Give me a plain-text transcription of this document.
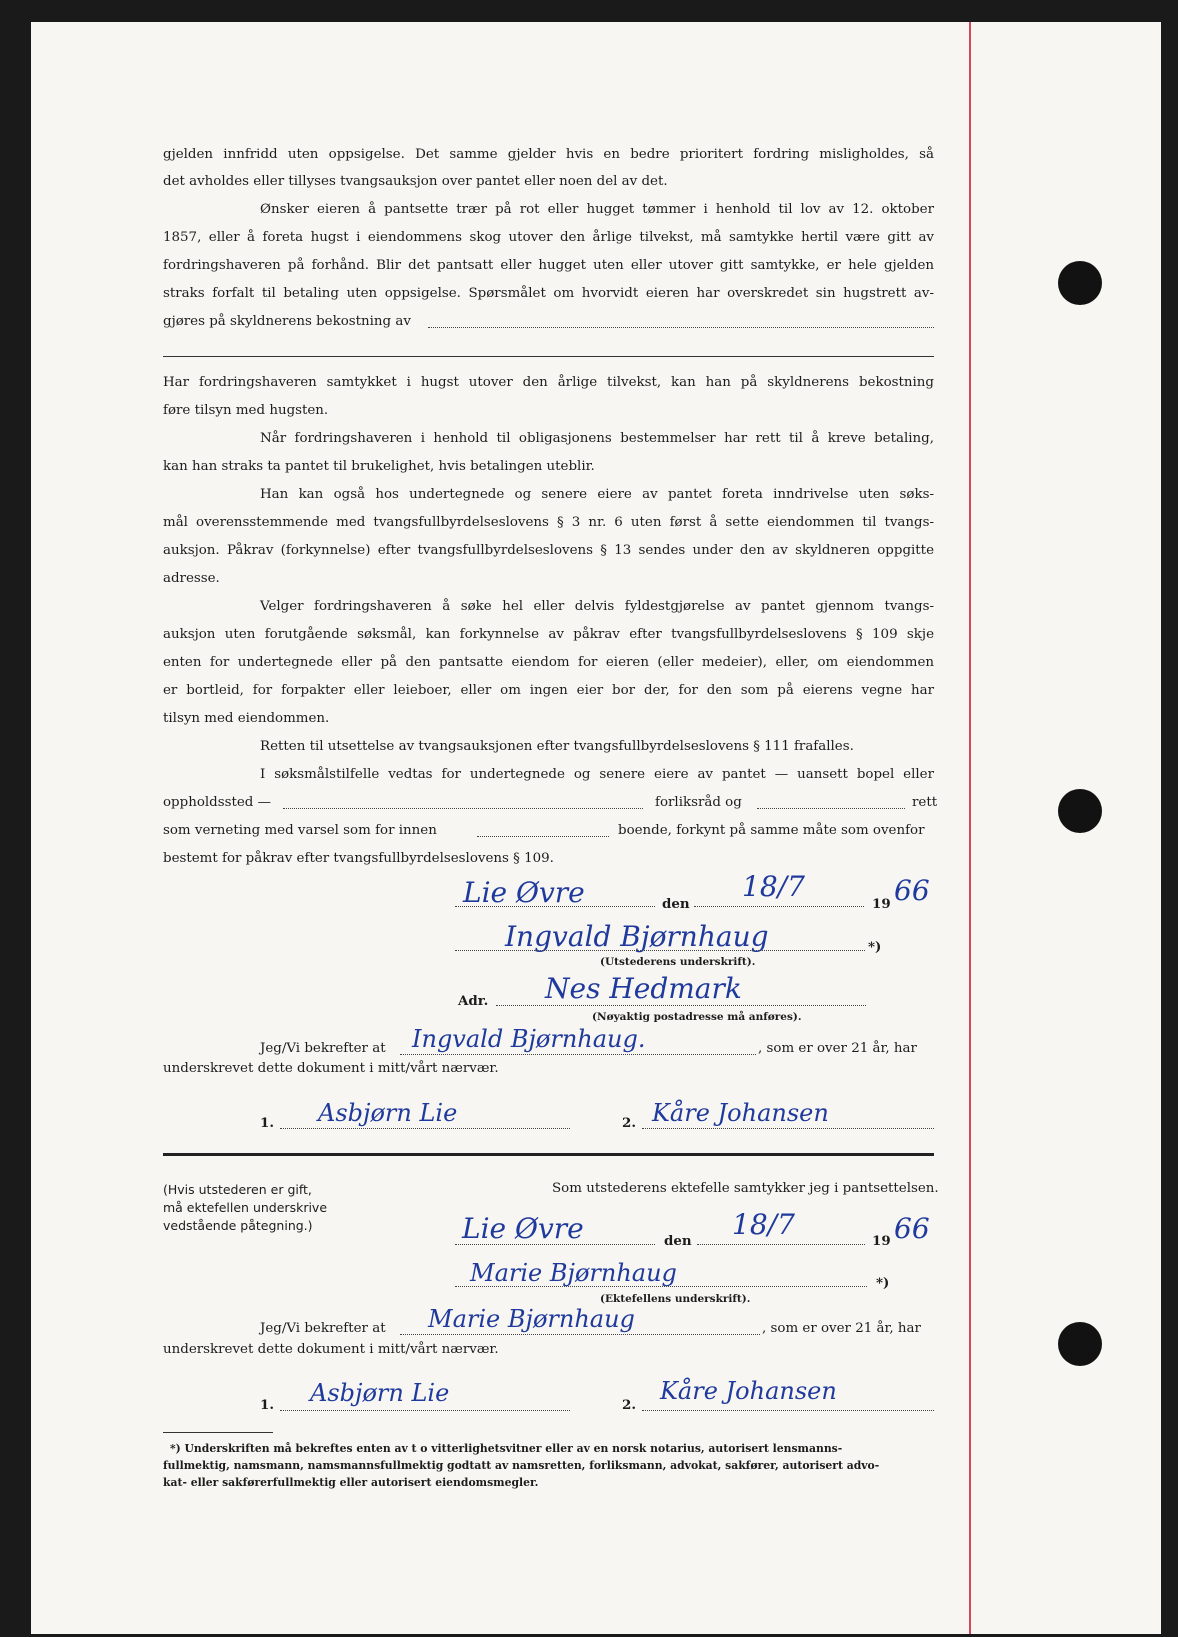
gjelden innfridd uten oppsigelse. Det samme gjelder hvis en bedre prioritert fordring misligholdes, så
det avholdes eller tillyses tvangsauksjon over pantet eller noen del av det.
Ønsker eieren å pantsette trær på rot eller hugget tømmer i henhold til lov av 12. oktober
1857, eller å foreta hugst i eiendommens skog utover den årlige tilvekst, må samtykke hertil være gitt av
fordringshaveren på forhånd. Blir det pantsatt eller hugget uten eller utover gitt samtykke, er hele gjelden
straks forfalt til betaling uten oppsigelse. Spørsmålet om hvorvidt eieren har overskredet sin hugstrett av-
gjøres på skyldnerens bekostning av
Har fordringshaveren samtykket i hugst utover den årlige tilvekst, kan han på skyldnerens bekostning
føre tilsyn med hugsten.
Når fordringshaveren i henhold til obligasjonens bestemmelser har rett til å kreve betaling,
kan han straks ta pantet til brukelighet, hvis betalingen uteblir.
Han kan også hos undertegnede og senere eiere av pantet foreta inndrivelse uten søks-
mål overensstemmende med tvangsfullbyrdelseslovens § 3 nr. 6 uten først å sette eiendommen til tvangs-
auksjon. Påkrav (forkynnelse) efter tvangsfullbyrdelseslovens § 13 sendes under den av skyldneren oppgitte
adresse.
Velger fordringshaveren å søke hel eller delvis fyldestgjørelse av pantet gjennom tvangs-
auksjon uten forutgående søksmål, kan forkynnelse av påkrav efter tvangsfullbyrdelseslovens § 109 skje
enten for undertegnede eller på den pantsatte eiendom for eieren (eller medeier), eller, om eiendommen
er bortleid, for forpakter eller leieboer, eller om ingen eier bor der, for den som på eierens vegne har
tilsyn med eiendommen.
Retten til utsettelse av tvangsauksjonen efter tvangsfullbyrdelseslovens § 111 frafalles.
I søksmålstilfelle vedtas for undertegnede og senere eiere av pantet — uansett bopel eller
oppholdssted —	forliksråd og	rett
som verneting med varsel som for innen	boende, forkynt på samme måte som ovenfor
bestemt for påkrav efter tvangsfullbyrdelseslovens § 109.
Lie Øvre	den
18/7
19 66
Ingvald Bjørnhaug	*)
(Utstederens underskrift).
Adr. Nes Hedmark
(Nøyaktig postadresse må anføres).
Jeg/Vi bekrefter at Ingvald Bjørnhaug.	, som er over 21 år, har
underskrevet dette dokument i mitt/vårt nærvær.
1. Asbjørn Lie	2. Kåre Johansen
(Hvis utstederen er gift,
må ektefellen underskrive
vedstående påtegning.)
Som utstederens ektefelle samtykker jeg i pantsettelsen.
Lie Øvre	den 18/7	19 66
Marie Bjørnhaug	*)
(Ektefellens underskrift).
Jeg/Vi bekrefter at Marie Bjørnhaug	, som er over 21 år, har
underskrevet dette dokument i mitt/vårt nærvær.
1. Asbjørn Lie	2. Kåre Johansen
*) Underskriften må bekreftes enten av t o vitterlighetsvitner eller av en norsk notarius, autorisert lensmanns-
fullmektig, namsmann, namsmannsfullmektig godtatt av namsretten, forliksmann, advokat, sakfører, autorisert advo-
kat- eller sakførerfullmektig eller autorisert eiendomsmegler.
